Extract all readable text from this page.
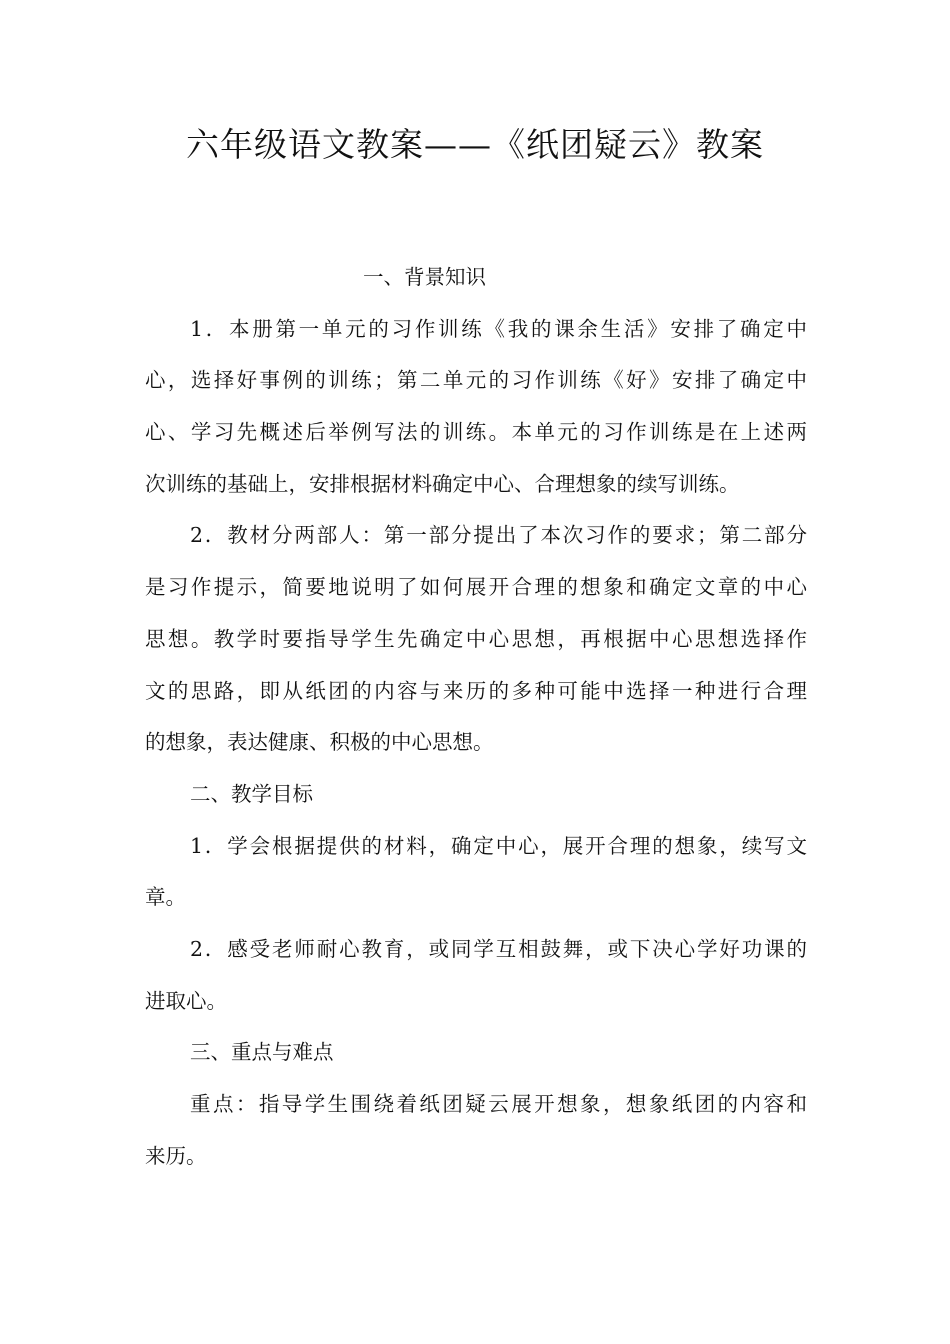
六年级语文教案——《纸团疑云》教案
一、背景知识
1．本册第一单元的习作训练《我的课余生活》安排了确定中
心，选择好事例的训练；第二单元的习作训练《好》安排了确定中
心、学习先概述后举例写法的训练。本单元的习作训练是在上述两
次训练的基础上，安排根据材料确定中心、合理想象的续写训练。
2．教材分两部人：第一部分提出了本次习作的要求；第二部分
是习作提示，简要地说明了如何展开合理的想象和确定文章的中心
思想。教学时要指导学生先确定中心思想，再根据中心思想选择作
文的思路，即从纸团的内容与来历的多种可能中选择一种进行合理
的想象，表达健康、积极的中心思想。
二、教学目标
1．学会根据提供的材料，确定中心，展开合理的想象，续写文
章。
2．感受老师耐心教育，或同学互相鼓舞，或下决心学好功课的
进取心。
三、重点与难点
重点：指导学生围绕着纸团疑云展开想象，想象纸团的内容和
来历。
